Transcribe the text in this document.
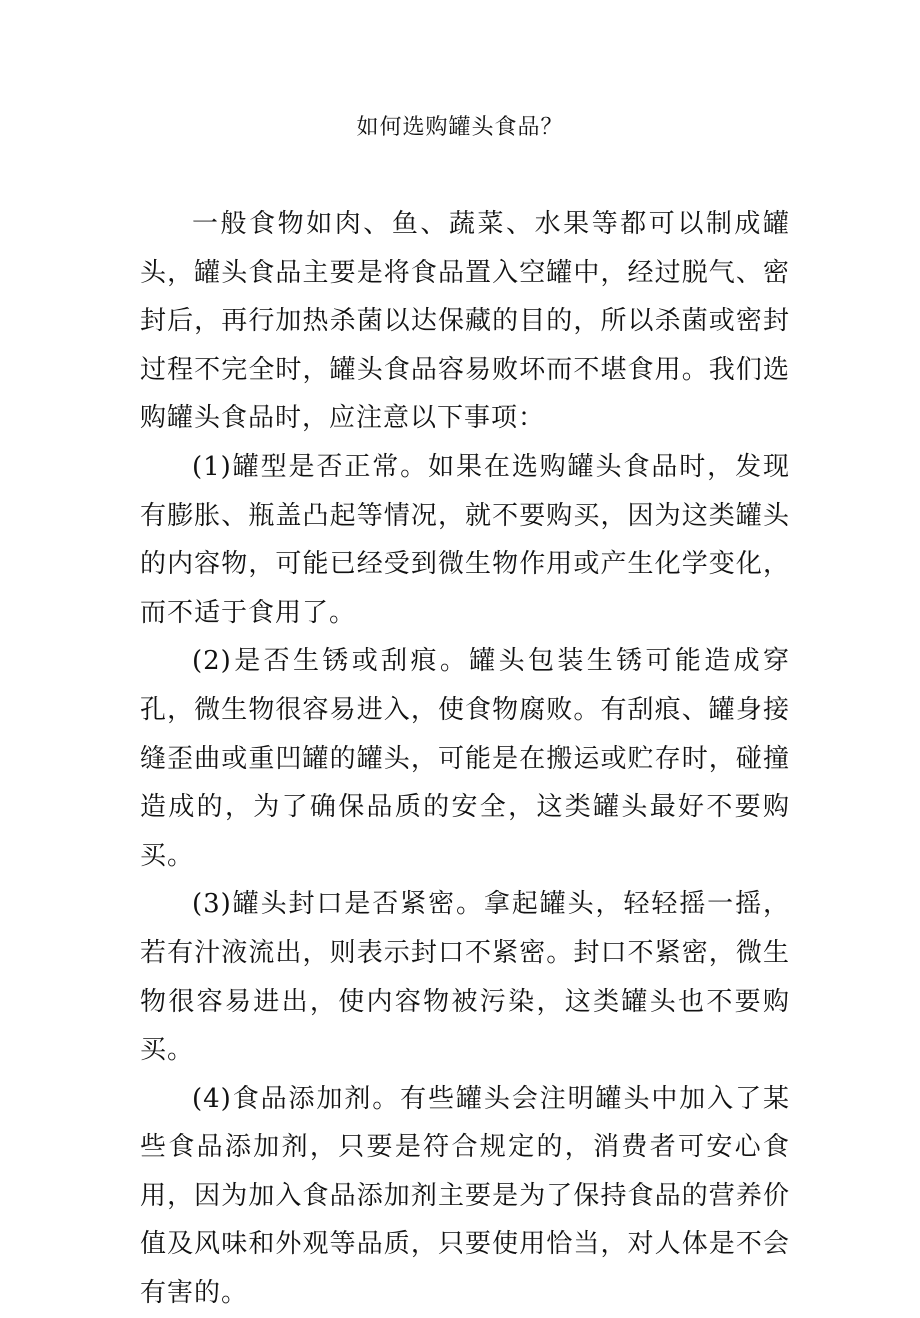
如何选购罐头食品？

一般食物如肉、鱼、蔬菜、水果等都可以制成罐头，罐头食品主要是将食品置入空罐中，经过脱气、密封后，再行加热杀菌以达保藏的目的，所以杀菌或密封过程不完全时，罐头食品容易败坏而不堪食用。我们选购罐头食品时，应注意以下事项：

(1)罐型是否正常。如果在选购罐头食品时，发现有膨胀、瓶盖凸起等情况，就不要购买，因为这类罐头的内容物，可能已经受到微生物作用或产生化学变化，而不适于食用了。

(2)是否生锈或刮痕。罐头包装生锈可能造成穿孔，微生物很容易进入，使食物腐败。有刮痕、罐身接缝歪曲或重凹罐的罐头，可能是在搬运或贮存时，碰撞造成的，为了确保品质的安全，这类罐头最好不要购买。

(3)罐头封口是否紧密。拿起罐头，轻轻摇一摇，若有汁液流出，则表示封口不紧密。封口不紧密，微生物很容易进出，使内容物被污染，这类罐头也不要购买。

(4)食品添加剂。有些罐头会注明罐头中加入了某些食品添加剂，只要是符合规定的，消费者可安心食用，因为加入食品添加剂主要是为了保持食品的营养价值及风味和外观等品质，只要使用恰当，对人体是不会有害的。
